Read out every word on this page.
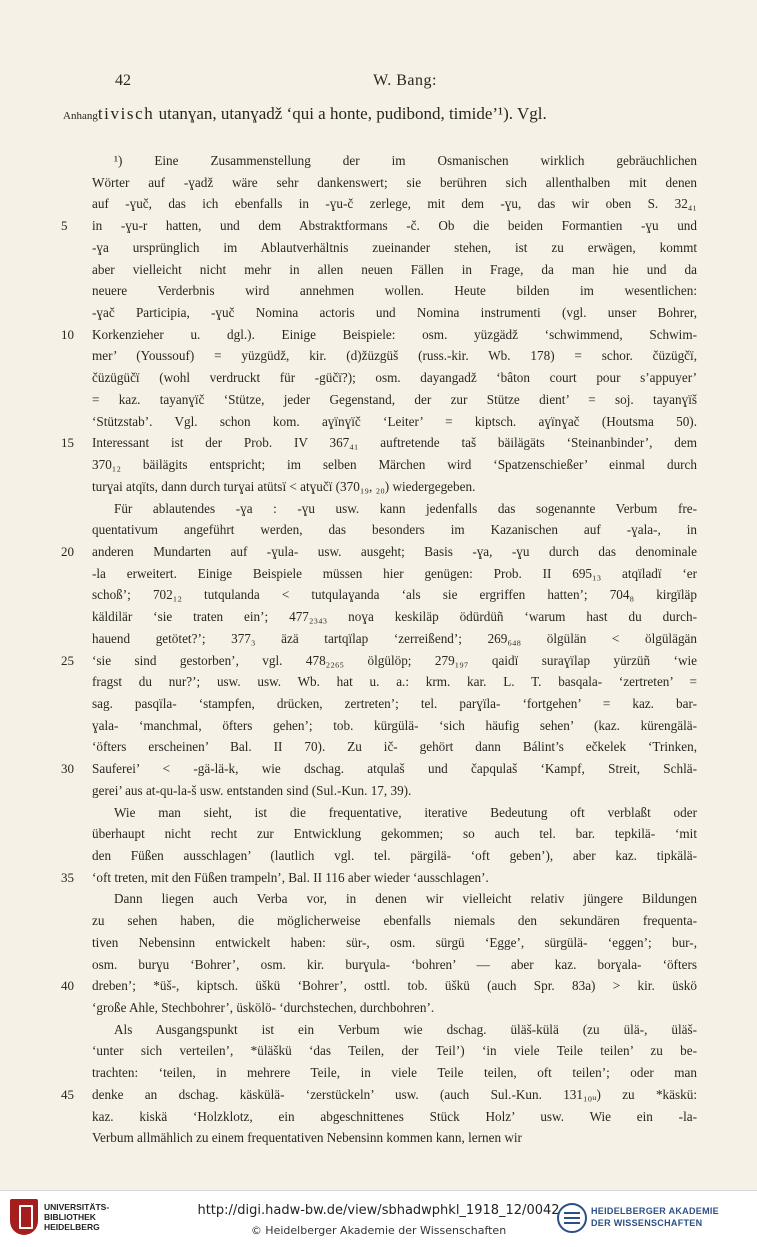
42	W. Bang:
Anhangtivisch utanɣan, utanɣadž ‘qui a honte, pudibond, timide’¹). Vgl.
¹) Eine Zusammenstellung der im Osmanischen wirklich gebräuchlichen
Wörter auf -ɣadž wäre sehr dankenswert; sie berühren sich allenthalben mit denen
auf -ɣuč, das ich ebenfalls in -ɣu-č zerlege, mit dem -ɣu, das wir oben S. 32₄₁
5	in -ɣu-r hatten, und dem Abstraktformans -č. Ob die beiden Formantien -ɣu und
-ɣa ursprünglich im Ablautverhältnis zueinander stehen, ist zu erwägen, kommt
aber vielleicht nicht mehr in allen neuen Fällen in Frage, da man hie und da
neuere Verderbnis wird annehmen wollen. Heute bilden im wesentlichen:
-ɣač Participia, -ɣuč Nomina actoris und Nomina instrumenti (vgl. unser Bohrer,
10	Korkenzieher u. dgl.). Einige Beispiele: osm. yüzgädž ‘schwimmend, Schwim-
mer’ (Youssouf) = yüzgüdž, kir. (d)žüzgüš (russ.-kir. Wb. 178) = schor. čüzügčï,
čüzügüčï (wohl verdruckt für -güčï?); osm. dayangadž ‘bâton court pour s’appuyer’
= kaz. tayanɣïč ‘Stütze, jeder Gegenstand, der zur Stütze dient’ = soj. tayanɣïš
‘Stützstab’. Vgl. schon kom. aɣïnɣïč ‘Leiter’ = kiptsch. aɣïnɣač (Houtsma 50).
15	Interessant ist der Prob. IV 367₄₁ auftretende taš bäilägäts ‘Steinanbinder’, dem
370₁₂ bäilägits entspricht; im selben Märchen wird ‘Spatzenschießer’ einmal durch
turɣai atqïts, dann durch turɣai atütsï < atɣučï (370₁₉, ₂₀) wiedergegeben.
Für ablautendes -ɣa : -ɣu usw. kann jedenfalls das sogenannte Verbum fre-
quentativum angeführt werden, das besonders im Kazanischen auf -ɣala-, in
20	anderen Mundarten auf -ɣula- usw. ausgeht; Basis -ɣa, -ɣu durch das denominale
-la erweitert. Einige Beispiele müssen hier genügen: Prob. II 695₁₃ atqïladï ‘er
schoß’; 702₁₂ tutqulanda < tutqulaɣanda ‘als sie ergriffen hatten’; 704₈ kirgïläp
käldilär ‘sie traten ein’; 477₂₃₄₃ noɣa keskiläp ödürdüñ ‘warum hast du durch-
hauend getötet?’; 377₃ äzä tartqïlap ‘zerreißend’; 269₆₄₈ ölgülän < ölgülägän
25	‘sie sind gestorben’, vgl. 478₂₂₆₅ ölgülöp; 279₁₉₇ qaidï suraɣïlap yürzüñ ‘wie
fragst du nur?’; usw. usw. Wb. hat u. a.: krm. kar. L. T. basqala- ‘zertreten’ =
sag. pasqïla- ‘stampfen, drücken, zertreten’; tel. parɣïla- ‘fortgehen’ = kaz. bar-
ɣala- ‘manchmal, öfters gehen’; tob. kürgülä- ‘sich häufig sehen’ (kaz. kürengälä-
‘öfters erscheinen’ Bal. II 70). Zu ič- gehört dann Bálint’s ečkelek ‘Trinken,
30	Sauferei’ < -gä-lä-k, wie dschag. atqulaš und čapqulaš ‘Kampf, Streit, Schlä-
gerei’ aus at-qu-la-š usw. entstanden sind (Sul.-Kun. 17, 39).
Wie man sieht, ist die frequentative, iterative Bedeutung oft verblaßt oder
überhaupt nicht recht zur Entwicklung gekommen; so auch tel. bar. tepkilä- ‘mit
den Füßen ausschlagen’ (lautlich vgl. tel. pärgilä- ‘oft geben’), aber kaz. tipkälä-
35	‘oft treten, mit den Füßen trampeln’, Bal. II 116 aber wieder ‘ausschlagen’.
Dann liegen auch Verba vor, in denen wir vielleicht relativ jüngere Bildungen
zu sehen haben, die möglicherweise ebenfalls niemals den sekundären frequenta-
tiven Nebensinn entwickelt haben: sür-, osm. sürgü ‘Egge’, sürgülä- ‘eggen’; bur-,
osm. burɣu ‘Bohrer’, osm. kir. burɣula- ‘bohren’ — aber kaz. borɣala- ‘öfters
40	dreben’; *üš-, kiptsch. üškü ‘Bohrer’, osttl. tob. üškü (auch Spr. 83a) > kir. üskö
‘große Ahle, Stechbohrer’, üskölö- ‘durchstechen, durchbohren’.
Als Ausgangspunkt ist ein Verbum wie dschag. üläš-külä (zu ülä-, üläš-
‘unter sich verteilen’, *üläškü ‘das Teilen, der Teil’) ‘in viele Teile teilen’ zu be-
trachten: ‘teilen, in mehrere Teile, in viele Teile teilen, oft teilen’; oder man
45	denke an dschag. käskülä- ‘zerstückeln’ usw. (auch Sul.-Kun. 131₁₀ᵤ) zu *käskü:
kaz. kiskä ‘Holzklotz, ein abgeschnittenes Stück Holz’ usw. Wie ein -la-
Verbum allmählich zu einem frequentativen Nebensinn kommen kann, lernen wir
UNIVERSITÄTS-
BIBLIOTHEK
HEIDELBERG
http://digi.hadw-bw.de/view/sbhadwphkl_1918_12/0042
© Heidelberger Akademie der Wissenschaften
HEIDELBERGER AKADEMIE
DER WISSENSCHAFTEN
